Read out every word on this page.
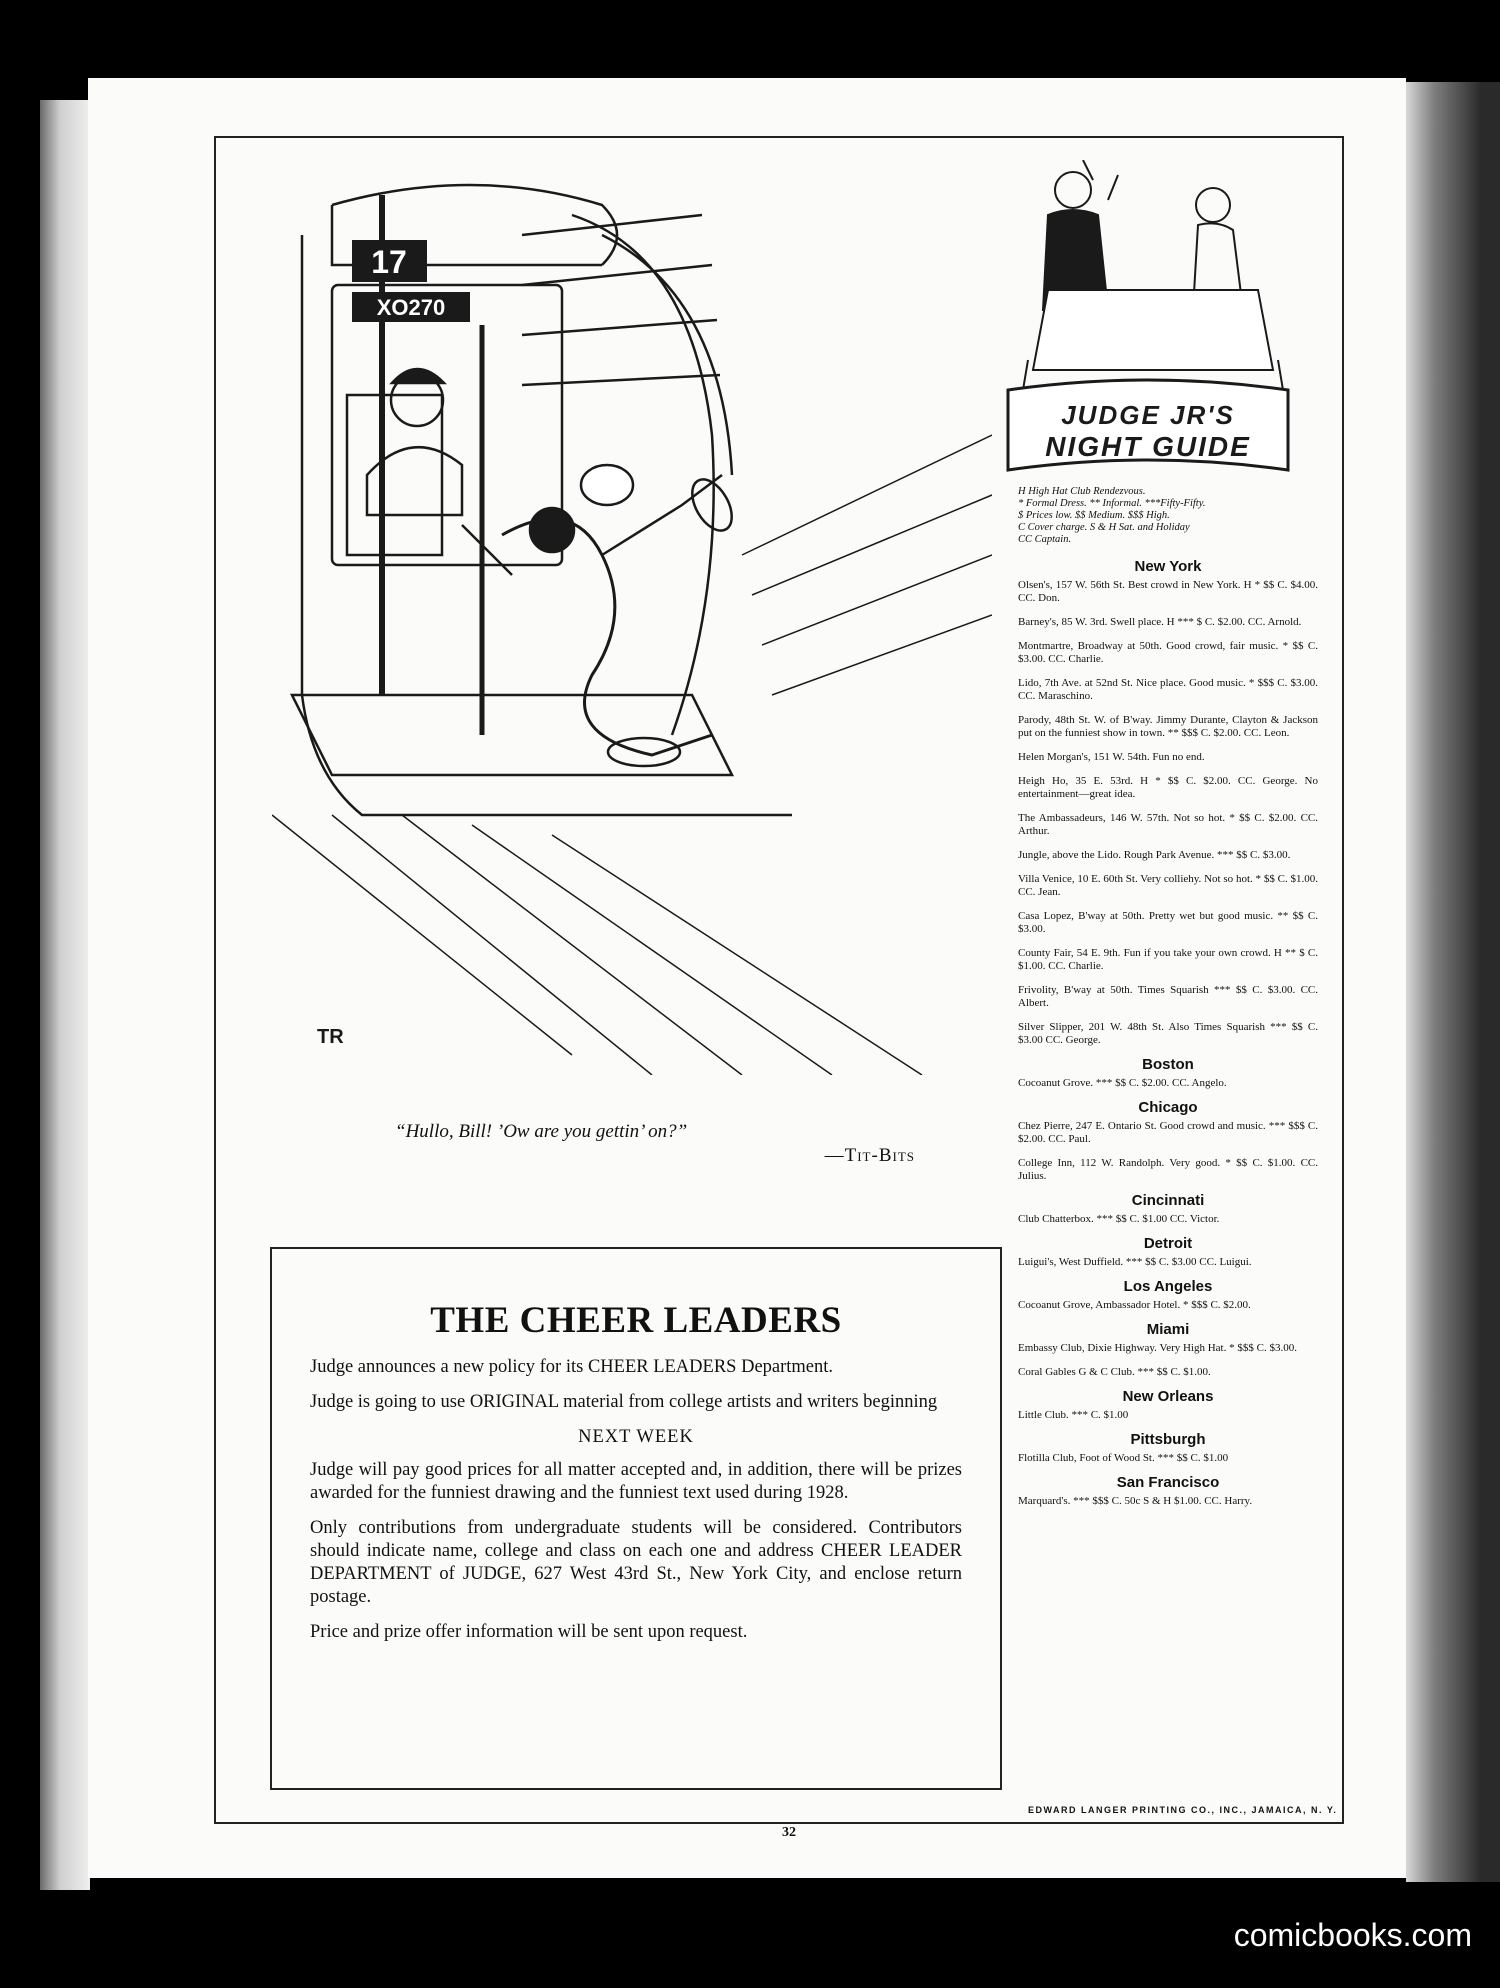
17
XO270
TR
“Hullo, Bill! ’Ow are you gettin’ on?”
—Tit-Bits
THE CHEER LEADERS

Judge announces a new policy for its CHEER LEADERS Department.

Judge is going to use ORIGINAL material from college artists and writers beginning

NEXT WEEK

Judge will pay good prices for all matter accepted and, in addition, there will be prizes awarded for the funniest drawing and the funniest text used during 1928.

Only contributions from undergraduate students will be considered. Contributors should indicate name, college and class on each one and address CHEER LEADER DEPARTMENT of JUDGE, 627 West 43rd St., New York City, and enclose return postage.

Price and prize offer information will be sent upon request.

JUDGE JR'S
NIGHT GUIDE
H High Hat Club Rendezvous.
* Formal Dress. ** Informal. ***Fifty-Fifty.
$ Prices low. $$ Medium. $$$ High.
C Cover charge. S & H Sat. and Holiday
CC Captain.
New York
Olsen's, 157 W. 56th St. Best crowd in New York. H * $$ C. $4.00. CC. Don.
Barney's, 85 W. 3rd. Swell place. H *** $ C. $2.00. CC. Arnold.
Montmartre, Broadway at 50th. Good crowd, fair music. * $$ C. $3.00. CC. Charlie.
Lido, 7th Ave. at 52nd St. Nice place. Good music. * $$$ C. $3.00. CC. Maraschino.
Parody, 48th St. W. of B'way. Jimmy Durante, Clayton & Jackson put on the funniest show in town. ** $$$ C. $2.00. CC. Leon.
Helen Morgan's, 151 W. 54th. Fun no end.
Heigh Ho, 35 E. 53rd. H * $$ C. $2.00. CC. George. No entertainment—great idea.
The Ambassadeurs, 146 W. 57th. Not so hot. * $$ C. $2.00. CC. Arthur.
Jungle, above the Lido. Rough Park Avenue. *** $$ C. $3.00.
Villa Venice, 10 E. 60th St. Very colliehy. Not so hot. * $$ C. $1.00. CC. Jean.
Casa Lopez, B'way at 50th. Pretty wet but good music. ** $$ C. $3.00.
County Fair, 54 E. 9th. Fun if you take your own crowd. H ** $ C. $1.00. CC. Charlie.
Frivolity, B'way at 50th. Times Squarish *** $$ C. $3.00. CC. Albert.
Silver Slipper, 201 W. 48th St. Also Times Squarish *** $$ C. $3.00 CC. George.
Boston
Cocoanut Grove. *** $$ C. $2.00. CC. Angelo.
Chicago
Chez Pierre, 247 E. Ontario St. Good crowd and music. *** $$$ C. $2.00. CC. Paul.
College Inn, 112 W. Randolph. Very good. * $$ C. $1.00. CC. Julius.
Cincinnati
Club Chatterbox. *** $$ C. $1.00 CC. Victor.
Detroit
Luigui's, West Duffield. *** $$ C. $3.00 CC. Luigui.
Los Angeles
Cocoanut Grove, Ambassador Hotel. * $$$ C. $2.00.
Miami
Embassy Club, Dixie Highway. Very High Hat. * $$$ C. $3.00.
Coral Gables G & C Club. *** $$ C. $1.00.
New Orleans
Little Club. *** C. $1.00
Pittsburgh
Flotilla Club, Foot of Wood St. *** $$ C. $1.00
San Francisco
Marquard's. *** $$$ C. 50c S & H $1.00. CC. Harry.
EDWARD LANGER PRINTING CO., INC., JAMAICA, N. Y.
32
comicbooks.com
